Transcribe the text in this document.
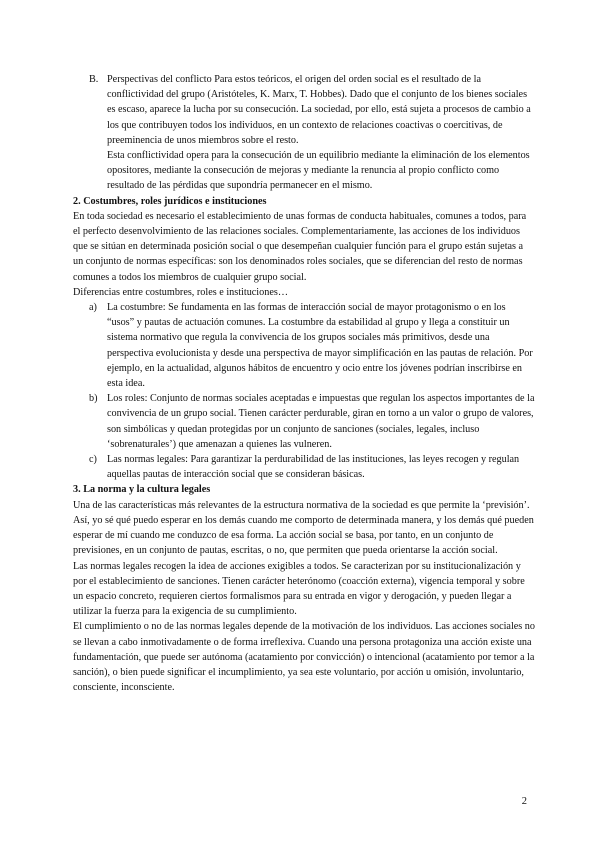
B. Perspectivas del conflicto Para estos teóricos, el origen del orden social es el resultado de la conflictividad del grupo (Aristóteles, K. Marx, T. Hobbes). Dado que el conjunto de los bienes sociales es escaso, aparece la lucha por su consecución. La sociedad, por ello, está sujeta a procesos de cambio a los que contribuyen todos los individuos, en un contexto de relaciones coactivas o coercitivas, de preeminencia de unos miembros sobre el resto.

Esta conflictividad opera para la consecución de un equilibrio mediante la eliminación de los elementos opositores, mediante la consecución de mejoras y mediante la renuncia al propio conflicto como resultado de las pérdidas que supondría permanecer en el mismo.

2. Costumbres, roles jurídicos e instituciones

En toda sociedad es necesario el establecimiento de unas formas de conducta habituales, comunes a todos, para el perfecto desenvolvimiento de las relaciones sociales. Complementariamente, las acciones de los individuos que se sitúan en determinada posición social o que desempeñan cualquier función para el grupo están sujetas a un conjunto de normas específicas: son los denominados roles sociales, que se diferencian del resto de normas comunes a todos los miembros de cualquier grupo social.

Diferencias entre costumbres, roles e instituciones…

a) La costumbre: Se fundamenta en las formas de interacción social de mayor protagonismo o en los “usos” y pautas de actuación comunes. La costumbre da estabilidad al grupo y llega a constituir un sistema normativo que regula la convivencia de los grupos sociales más primitivos, desde una perspectiva evolucionista y desde una perspectiva de mayor simplificación en las pautas de relación. Por ejemplo, en la actualidad, algunos hábitos de encuentro y ocio entre los jóvenes podrían inscribirse en esta idea.
b) Los roles: Conjunto de normas sociales aceptadas e impuestas que regulan los aspectos importantes de la convivencia de un grupo social. Tienen carácter perdurable, giran en torno a un valor o grupo de valores, son simbólicas y quedan protegidas por un conjunto de sanciones (sociales, legales, incluso ‘sobrenaturales’) que amenazan a quienes las vulneren.
c) Las normas legales: Para garantizar la perdurabilidad de las instituciones, las leyes recogen y regulan aquellas pautas de interacción social que se consideran básicas.

3. La norma y la cultura legales

Una de las características más relevantes de la estructura normativa de la sociedad es que permite la ‘previsión’. Así, yo sé qué puedo esperar en los demás cuando me comporto de determinada manera, y los demás qué pueden esperar de mí cuando me conduzco de esa forma. La acción social se basa, por tanto, en un conjunto de previsiones, en un conjunto de pautas, escritas, o no, que permiten que pueda orientarse la acción social.

Las normas legales recogen la idea de acciones exigibles a todos. Se caracterizan por su institucionalización y por el establecimiento de sanciones. Tienen carácter heterónomo (coacción externa), vigencia temporal y sobre un espacio concreto, requieren ciertos formalismos para su entrada en vigor y derogación, y pueden llegar a utilizar la fuerza para la exigencia de su cumplimiento.

El cumplimiento o no de las normas legales depende de la motivación de los individuos. Las acciones sociales no se llevan a cabo inmotivadamente o de forma irreflexiva. Cuando una persona protagoniza una acción existe una fundamentación, que puede ser autónoma (acatamiento por convicción) o intencional (acatamiento por temor a la sanción), o bien puede significar el incumplimiento, ya sea este voluntario, por acción u omisión, involuntario, consciente, inconsciente.

2
